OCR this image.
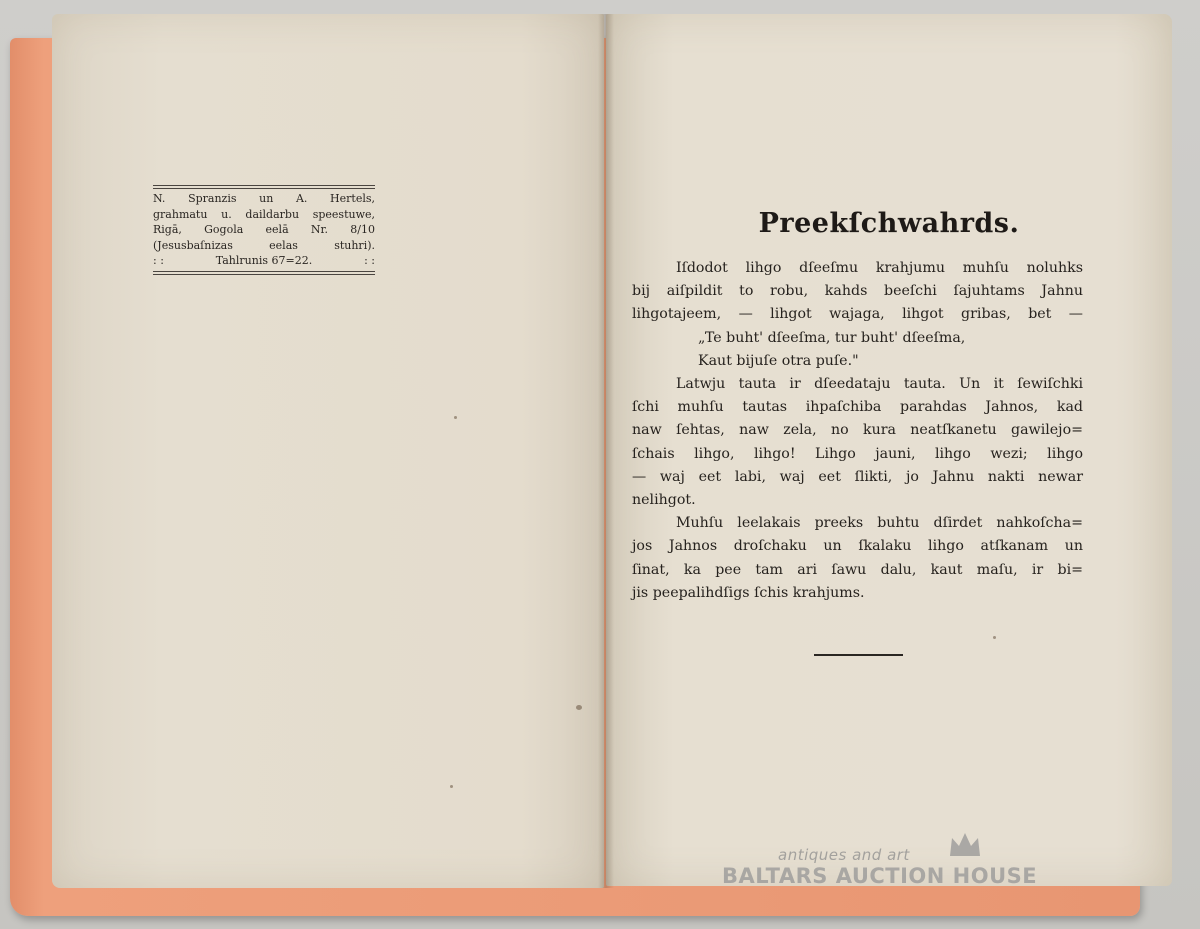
N. Spranzis un A. Hertels,
grahmatu u. daildarbu spеestuwe,
Rigā, Gogola eelā Nr. 8/10
(Jesusbaſnizas eelas stuhri).
: :	Tahlrunis 67=22.	: :
Preekſchwahrds.
Iſdodot lihgo dſeeſmu krahjumu muhſu noluhks
bij aiſpildit to robu, kahds beeſchi ſajuhtams Jahnu
lihgotajeem, — lihgot wajaga, lihgot gribas, bet —
„Te buht' dſeeſma, tur buht' dſeeſma,
Kaut bijuſe otra puſe."
Latwju tauta ir dſeedataju tauta. Un it ſewiſchki
ſchi muhſu tautas ihpaſchiba parahdas Jahnos, kad
naw ſehtas, naw zela, no kura neatſkanetu gawilejo=
ſchais lihgo, lihgo! Lihgo jauni, lihgo wezi; lihgo
— waj eet labi, waj eet ſlikti, jo Jahnu nakti newar
nelihgot.
Muhſu leelakais preeks buhtu dſirdet nahkoſcha=
jos Jahnos droſchaku un ſkalaku lihgo atſkanam un
ſinat, ka pee tam ari ſawu dalu, kaut maſu, ir bi=
jis peepalihdſigs ſchis krahjums.
antiques and art
BALTARS AUCTION HOUSE
